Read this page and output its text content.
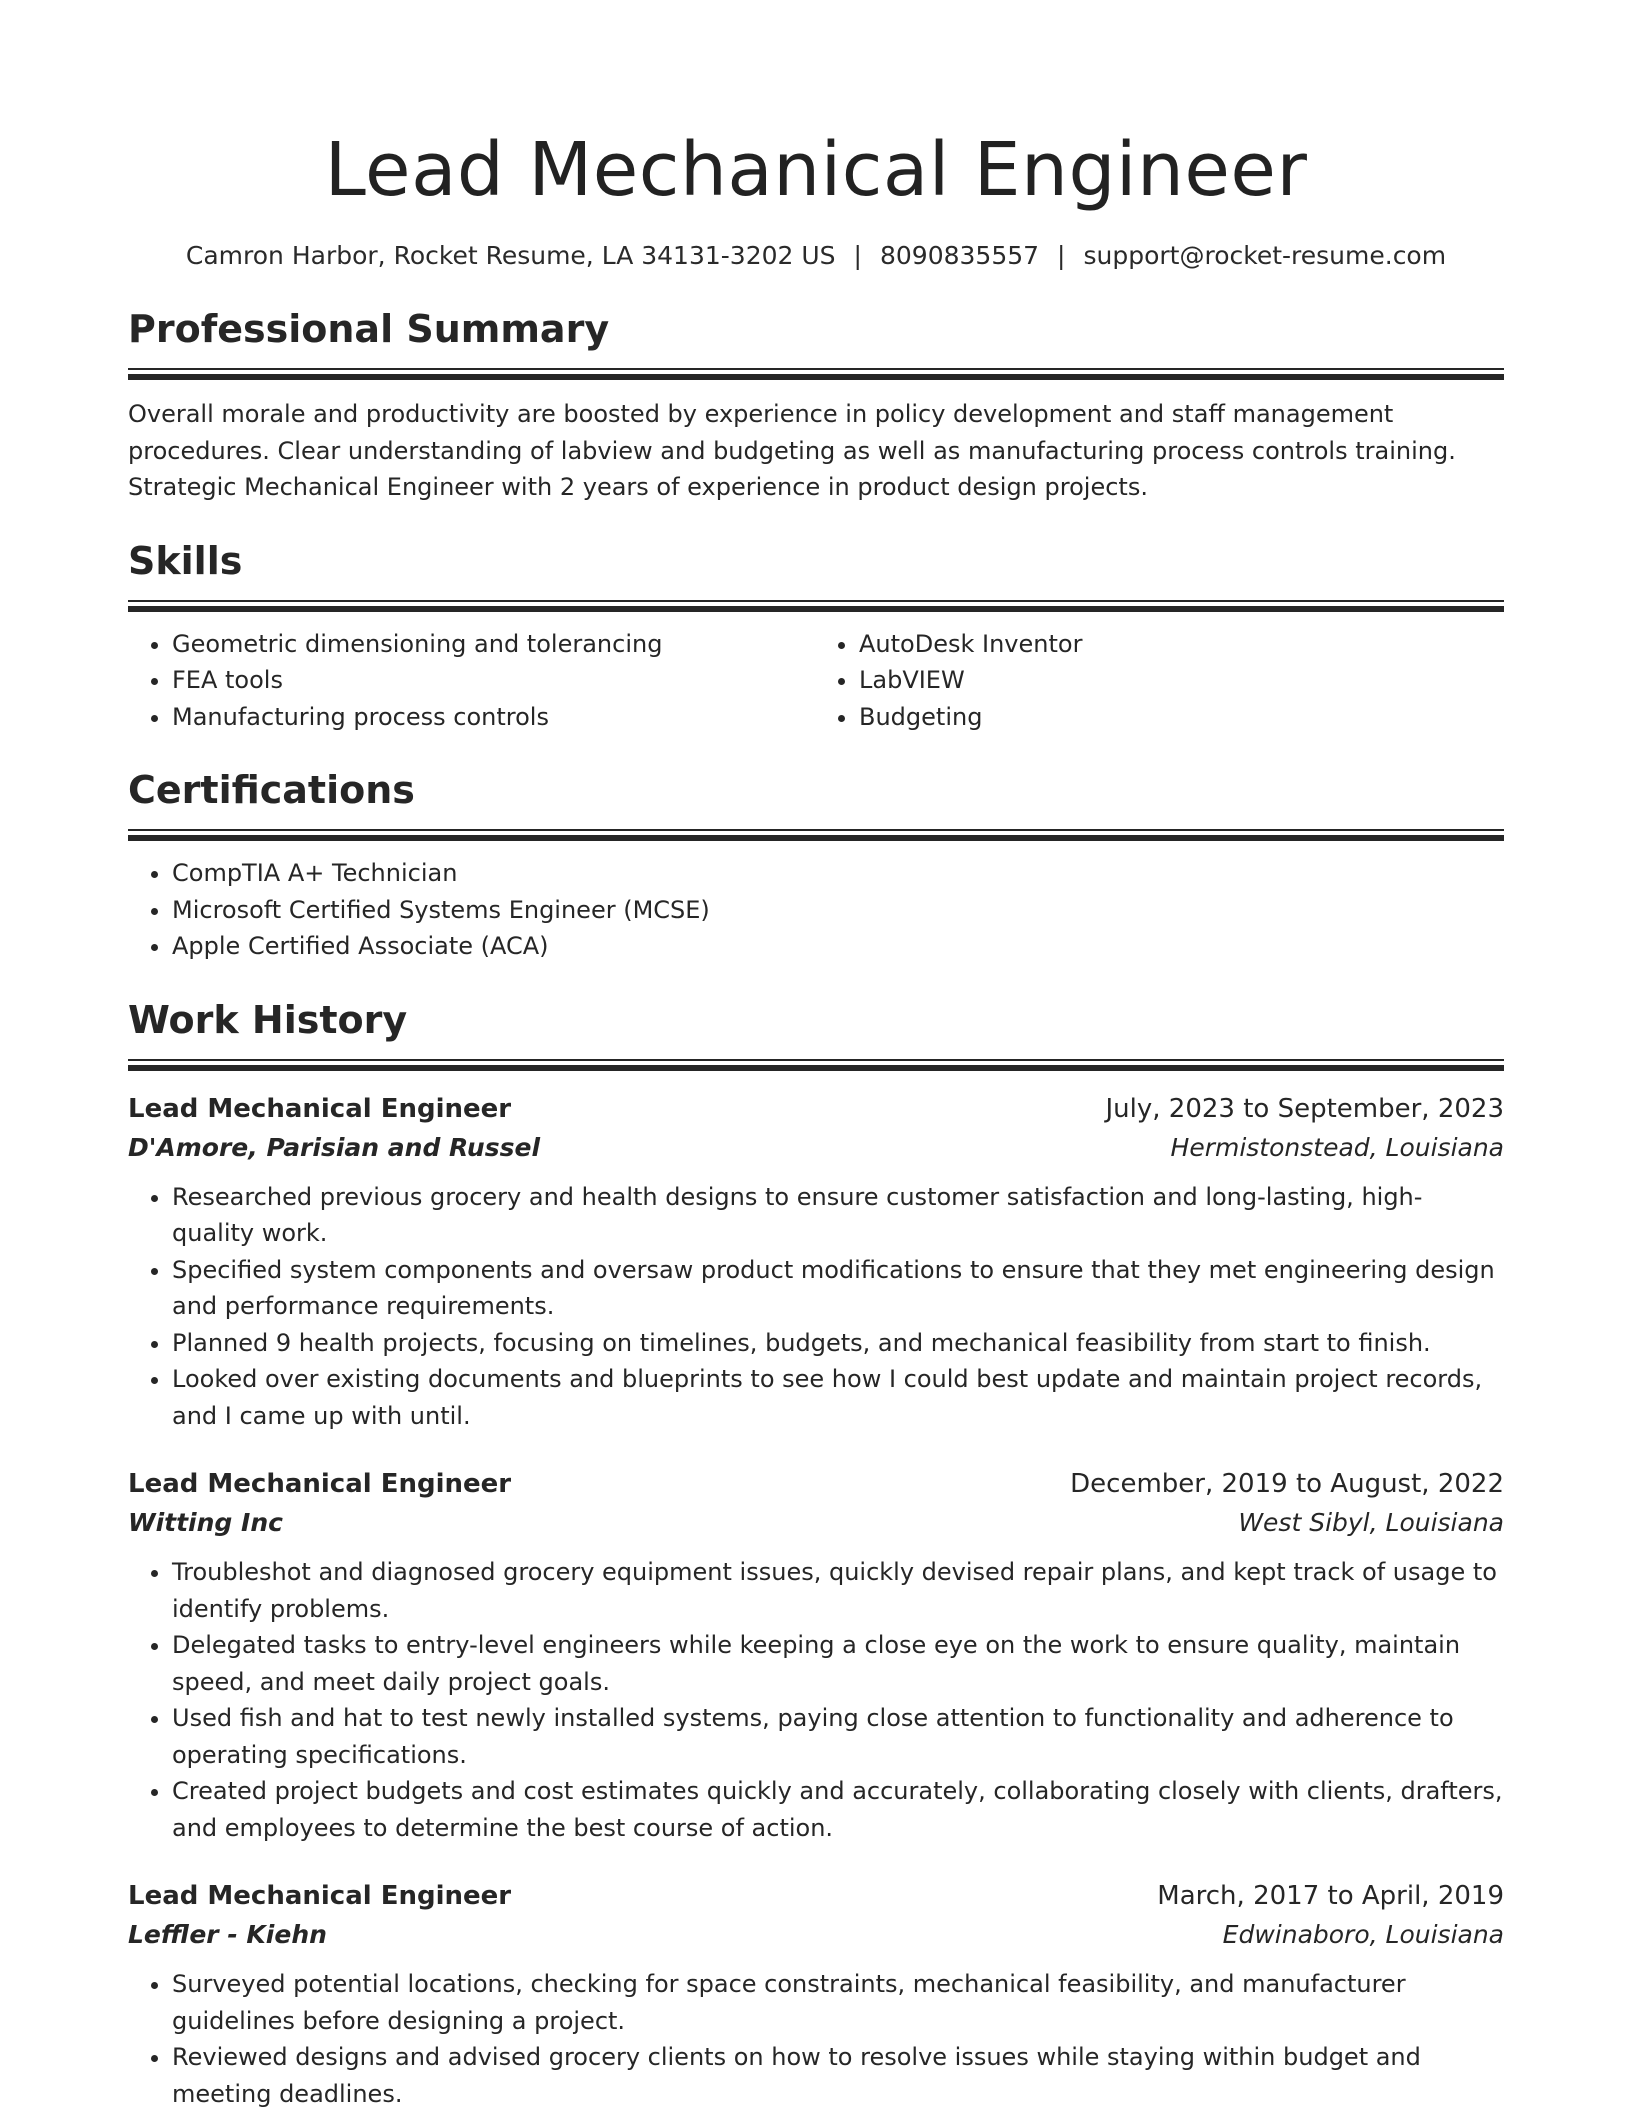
Lead Mechanical Engineer
Camron Harbor, Rocket Resume, LA 34131-3202 US | 8090835557 | support@rocket-resume.com
Professional Summary

Overall morale and productivity are boosted by experience in policy development and staff management procedures. Clear understanding of labview and budgeting as well as manufacturing process controls training. Strategic Mechanical Engineer with 2 years of experience in product design projects.

Skills
• Geometric dimensioning and tolerancing
• FEA tools
• Manufacturing process controls
• AutoDesk Inventor
• LabVIEW
• Budgeting
Certifications
• CompTIA A+ Technician
• Microsoft Certified Systems Engineer (MCSE)
• Apple Certified Associate (ACA)
Work History
Lead Mechanical Engineer	July, 2023 to September, 2023
D'Amore, Parisian and Russel	Hermistonstead, Louisiana
• Researched previous grocery and health designs to ensure customer satisfaction and long-lasting, high-quality work.
• Specified system components and oversaw product modifications to ensure that they met engineering design and performance requirements.
• Planned 9 health projects, focusing on timelines, budgets, and mechanical feasibility from start to finish.
• Looked over existing documents and blueprints to see how I could best update and maintain project records, and I came up with until.
Lead Mechanical Engineer	December, 2019 to August, 2022
Witting Inc	West Sibyl, Louisiana
• Troubleshot and diagnosed grocery equipment issues, quickly devised repair plans, and kept track of usage to identify problems.
• Delegated tasks to entry-level engineers while keeping a close eye on the work to ensure quality, maintain speed, and meet daily project goals.
• Used fish and hat to test newly installed systems, paying close attention to functionality and adherence to operating specifications.
• Created project budgets and cost estimates quickly and accurately, collaborating closely with clients, drafters, and employees to determine the best course of action.
Lead Mechanical Engineer	March, 2017 to April, 2019
Leffler - Kiehn	Edwinaboro, Louisiana
• Surveyed potential locations, checking for space constraints, mechanical feasibility, and manufacturer guidelines before designing a project.
• Reviewed designs and advised grocery clients on how to resolve issues while staying within budget and meeting deadlines.
